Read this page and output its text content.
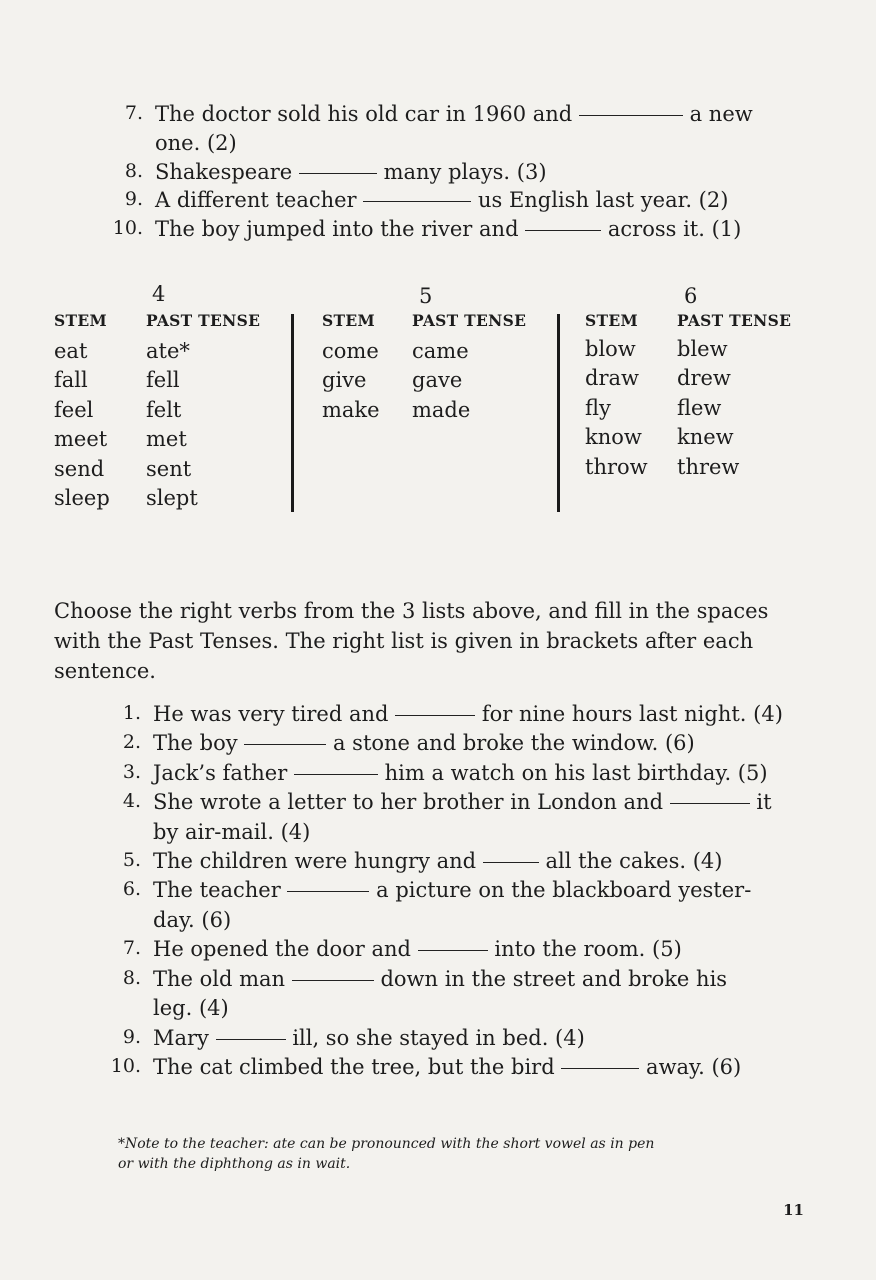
7. The doctor sold his old car in 1960 and	a new
one. (2)
8. Shakespeare	many plays. (3)
9. A different teacher	us English last year. (2)
10. The boy jumped into the river and	across it. (1)
4
STEM	PAST TENSE
eat	ate*
fall	fell
feel	felt
meet met
send sent
sleep slept
5
STEM PAST TENSE
come came
give gave
make made
6
STEM	PAST TENSE
blow blew
draw drew
fly	flew
know knew
throw threw
Choose the right verbs from the 3 lists above, and fill in the spaces
with the Past Tenses. The right list is given in brackets after each
sentence.
1. He was very tired and	for nine hours last night. (4)
2. The boy	a stone and broke the window. (6)
3. Jack’s father	him a watch on his last birthday. (5)
4. She wrote a letter to her brother in London and	it
by air-mail. (4)
5. The children were hungry and	all the cakes. (4)
6. The teacher	a picture on the blackboard yester-
day. (6)
7. He opened the door and	into the room. (5)
8. The old man	down in the street and broke his
leg. (4)
9. Mary	ill, so she stayed in bed. (4)
10. The cat climbed the tree, but the bird	away. (6)
*Note to the teacher: ate can be pronounced with the short vowel as in pen
or with the diphthong as in wait.
11
